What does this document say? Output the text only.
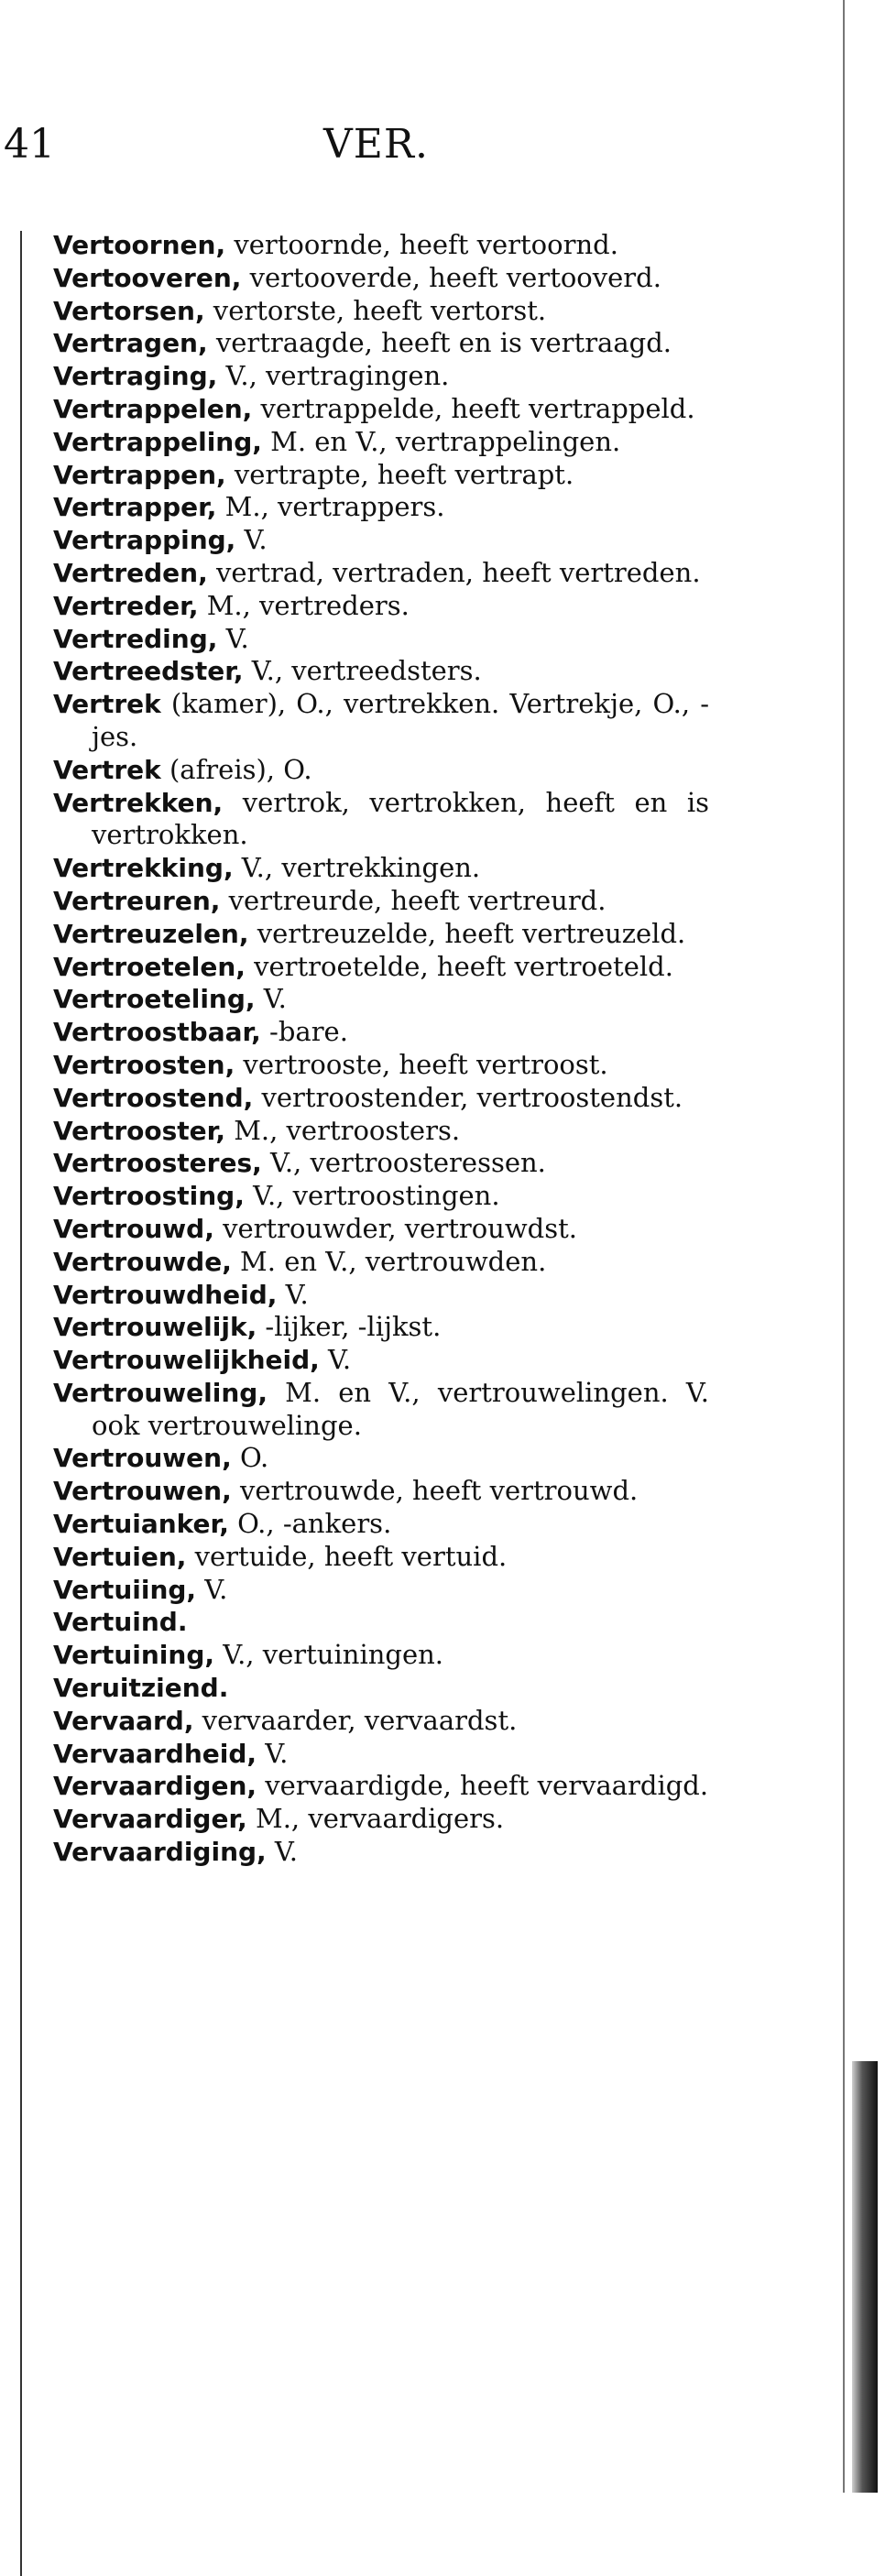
41	VER.
Vertoornen, vertoornde, heeft vertoornd.
Vertooveren, vertooverde, heeft vertooverd.
Vertorsen, vertorste, heeft vertorst.
Vertragen, vertraagde, heeft en is vertraagd.
Vertraging, V., vertragingen.
Vertrappelen, vertrappelde, heeft vertrappeld.
Vertrappeling, M. en V., vertrappelingen.
Vertrappen, vertrapte, heeft vertrapt.
Vertrapper, M., vertrappers.
Vertrapping, V.
Vertreden, vertrad, vertraden, heeft vertreden.
Vertreder, M., vertreders.
Vertreding, V.
Vertreedster, V., vertreedsters.
Vertrek (kamer), O., vertrekken. Vertrekje, O., -jes.
Vertrek (afreis), O.
Vertrekken, vertrok, vertrokken, heeft en is vertrokken.
Vertrekking, V., vertrekkingen.
Vertreuren, vertreurde, heeft vertreurd.
Vertreuzelen, vertreuzelde, heeft vertreuzeld.
Vertroetelen, vertroetelde, heeft vertroeteld.
Vertroeteling, V.
Vertroostbaar, -bare.
Vertroosten, vertrooste, heeft vertroost.
Vertroostend, vertroostender, vertroostendst.
Vertrooster, M., vertroosters.
Vertroosteres, V., vertroosteressen.
Vertroosting, V., vertroostingen.
Vertrouwd, vertrouwder, vertrouwdst.
Vertrouwde, M. en V., vertrouwden.
Vertrouwdheid, V.
Vertrouwelijk, -lijker, -lijkst.
Vertrouwelijkheid, V.
Vertrouweling, M. en V., vertrouwelingen. V. ook vertrouwelinge.
Vertrouwen, O.
Vertrouwen, vertrouwde, heeft vertrouwd.
Vertuianker, O., -ankers.
Vertuien, vertuide, heeft vertuid.
Vertuiing, V.
Vertuind.
Vertuining, V., vertuiningen.
Veruitziend.
Vervaard, vervaarder, vervaardst.
Vervaardheid, V.
Vervaardigen, vervaardigde, heeft vervaardigd.
Vervaardiger, M., vervaardigers.
Vervaardiging, V.
